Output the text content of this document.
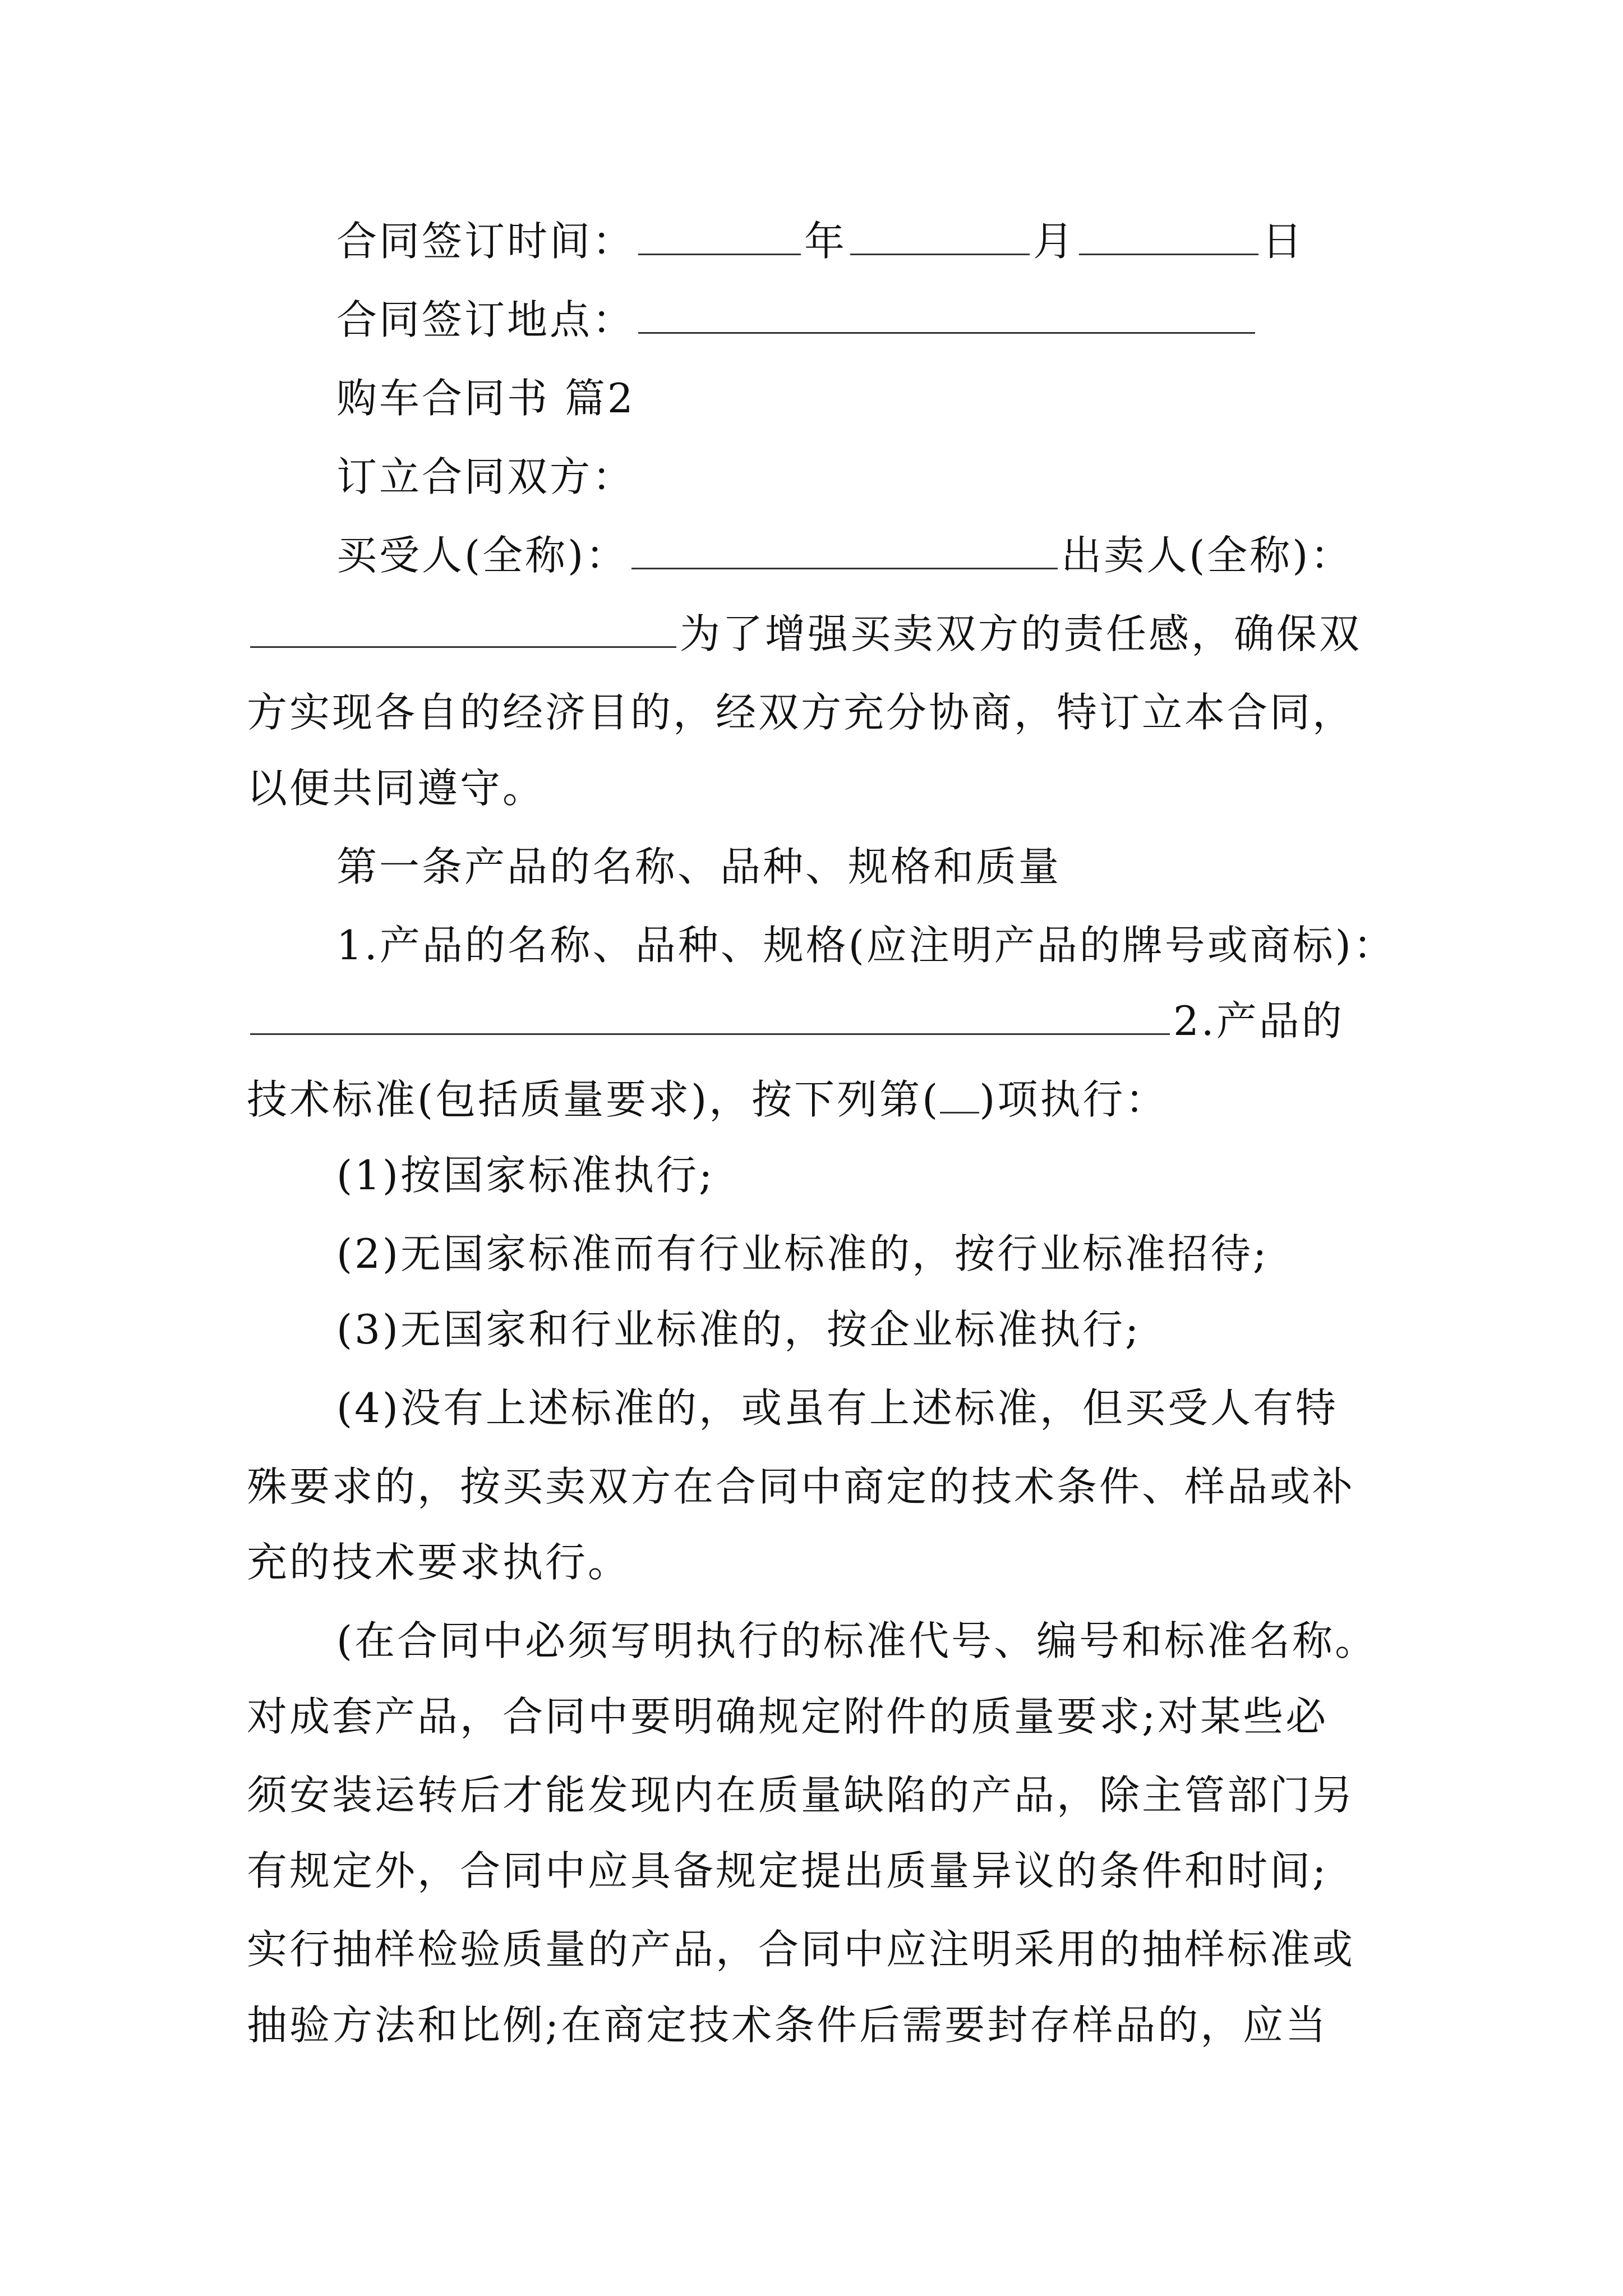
合同签订时间：	年	月	日
合同签订地点：
购车合同书 篇2
订立合同双方：
买受人(全称)：	出卖人(全称)：
为了增强买卖双方的责任感，确保双
方实现各自的经济目的，经双方充分协商，特订立本合同，
以便共同遵守。
第一条产品的名称、品种、规格和质量
1.产品的名称、品种、规格(应注明产品的牌号或商标)：
2.产品的
技术标准(包括质量要求)，按下列第( )项执行：
(1)按国家标准执行;
(2)无国家标准而有行业标准的，按行业标准招待;
(3)无国家和行业标准的，按企业标准执行;
(4)没有上述标准的，或虽有上述标准，但买受人有特
殊要求的，按买卖双方在合同中商定的技术条件、样品或补
充的技术要求执行。
(在合同中必须写明执行的标准代号、编号和标准名称。
对成套产品，合同中要明确规定附件的质量要求;对某些必
须安装运转后才能发现内在质量缺陷的产品，除主管部门另
有规定外，合同中应具备规定提出质量异议的条件和时间;
实行抽样检验质量的产品，合同中应注明采用的抽样标准或
抽验方法和比例;在商定技术条件后需要封存样品的，应当
